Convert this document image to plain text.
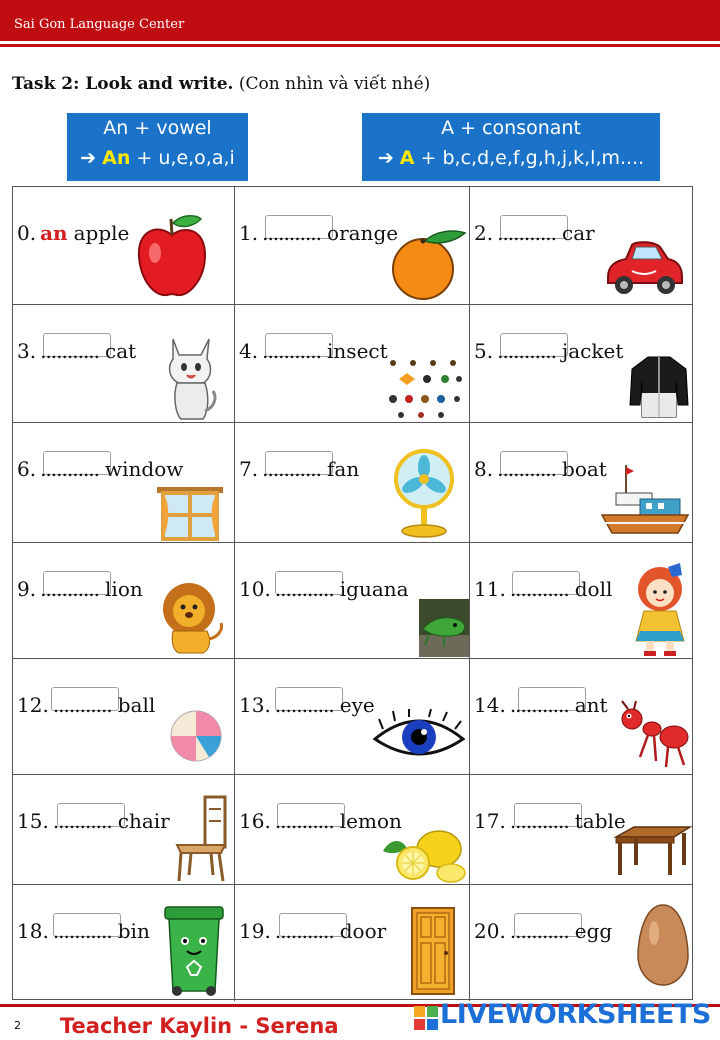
Sai Gon Language Center
Task 2: Look and write. (Con nhìn và viết nhé)
An + vowel
➔ An + u,e,o,a,i
A + consonant
➔ A + b,c,d,e,f,g,h,j,k,l,m....
0. an apple	1. ........... orange	2. ........... car
3. ........... cat	4. ........... insect	5. ........... jacket
6. ........... window	7. ........... fan	8. ........... boat
9. ........... lion	10. ........... iguana	11. ........... doll
12. ........... ball	13. ........... eye	14. ........... ant
15. ........... chair	16. ........... lemon	17. ........... table
18. ........... bin	19. ........... door	20. ........... egg
2 Teacher Kaylin - Serena	LIVEWORKSHEETS
